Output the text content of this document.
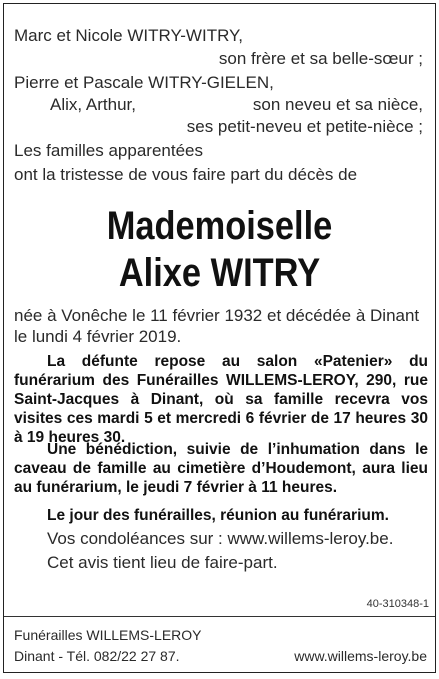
Marc et Nicole WITRY-WITRY,
son frère et sa belle-sœur ;
Pierre et Pascale WITRY-GIELEN,
Alix, Arthur,	son neveu et sa nièce,
ses petit-neveu et petite-nièce ;
Les familles apparentées
ont la tristesse de vous faire part du décès de
Mademoiselle
Alixe WITRY
née à Vonêche le 11 février 1932 et décédée à Dinant
le lundi 4 février 2019.
La défunte repose au salon «Patenier» du funérarium des Funérailles WILLEMS-LEROY, 290, rue Saint-Jacques à Dinant, où sa famille recevra vos visites ces mardi 5 et mercredi 6 février de 17 heures 30 à 19 heures 30.
Une bénédiction, suivie de l’inhumation dans le caveau de famille au cimetière d’Houdemont, aura lieu au funérarium, le jeudi 7 février à 11 heures.
Le jour des funérailles, réunion au funérarium.
Vos condoléances sur : www.willems-leroy.be.
Cet avis tient lieu de faire-part.
40-310348-1
Funérailles WILLEMS-LEROY
Dinant - Tél. 082/22 27 87.	www.willems-leroy.be
